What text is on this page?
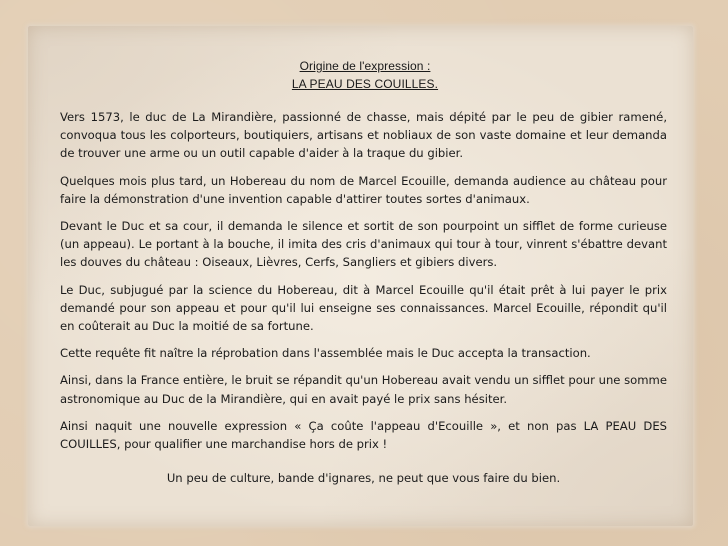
Origine de l'expression :
LA PEAU DES COUILLES.

Vers 1573, le duc de La Mirandière, passionné de chasse, mais dépité par le peu de gibier ramené, convoqua tous les colporteurs, boutiquiers, artisans et nobliaux de son vaste domaine et leur demanda de trouver une arme ou un outil capable d'aider à la traque du gibier.

Quelques mois plus tard, un Hobereau du nom de Marcel Ecouille, demanda audience au château pour faire la démonstration d'une invention capable d'attirer toutes sortes d'animaux.

Devant le Duc et sa cour, il demanda le silence et sortit de son pourpoint un sifflet de forme curieuse (un appeau). Le portant à la bouche, il imita des cris d'animaux qui tour à tour, vinrent s'ébattre devant les douves du château : Oiseaux, Lièvres, Cerfs, Sangliers et gibiers divers.

Le Duc, subjugué par la science du Hobereau, dit à Marcel Ecouille qu'il était prêt à lui payer le prix demandé pour son appeau et pour qu'il lui enseigne ses connaissances. Marcel Ecouille, répondit qu'il en coûterait au Duc la moitié de sa fortune.

Cette requête fit naître la réprobation dans l'assemblée mais le Duc accepta la transaction.

Ainsi, dans la France entière, le bruit se répandit qu'un Hobereau avait vendu un sifflet pour une somme astronomique au Duc de la Mirandière, qui en avait payé le prix sans hésiter.

Ainsi naquit une nouvelle expression « Ça coûte l'appeau d'Ecouille », et non pas LA PEAU DES COUILLES, pour qualifier une marchandise hors de prix !

Un peu de culture, bande d'ignares, ne peut que vous faire du bien.
